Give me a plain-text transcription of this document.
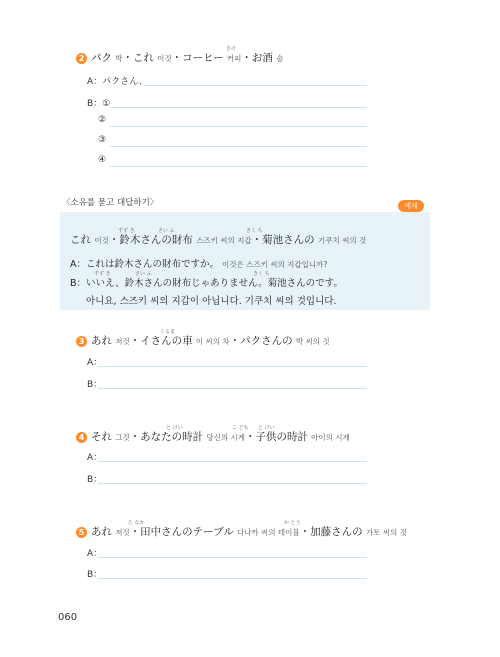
2 パク 박・これ 이것・コーヒー 커피・お酒 술
さけ
A：パクさん、
B：①
②
③
④
〈소유를 묻고 대답하기〉	예제
これ 이것・鈴木さんの財布 스즈키 씨의 지갑・菊池さんの 기쿠치 씨의 것
すず き	さい ふ	きく ち
A：これは鈴木さんの財布ですか。 이것은 스즈키 씨의 지갑입니까?
B：いいえ、鈴木さんの財布じゃありません。菊池さんのです。
すず き	さい ふ	きく ち
아니요, 스즈키 씨의 지갑이 아닙니다. 기쿠치 씨의 것입니다.
3 あれ 저것・イさんの車 이 씨의 차・パクさんの 박 씨의 것
くるま
A：
B：
4 それ 그것・あなたの時計 당신의 시계・子供の時計 아이의 시계
と けい	こ ども と けい
A：
B：
5 あれ 저것・田中さんのテーブル 다나카 씨의 테이블・加藤さんの 가토 씨의 것
た なか	か とう
A：
B：
060
